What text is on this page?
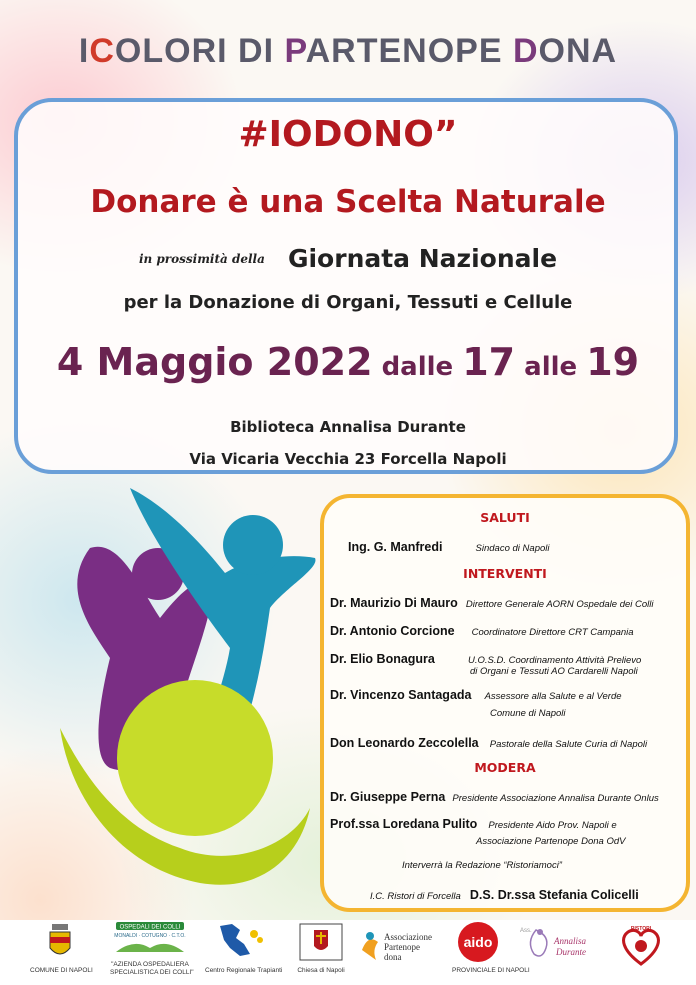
ICOLORI DI PARTENOPE DONA
#IODONO”
Donare è una Scelta Naturale
in prossimità della Giornata Nazionale
per la Donazione di Organi, Tessuti e Cellule
4 Maggio 2022 dalle 17 alle 19
Biblioteca Annalisa Durante
Via Vicaria Vecchia 23 Forcella Napoli
SALUTI
Ing. G. Manfredi	Sindaco di Napoli
INTERVENTI
Dr. Maurizio Di Mauro Direttore Generale AORN Ospedale dei Colli
Dr. Antonio Corcione Coordinatore Direttore CRT Campania
Dr. Elio Bonagura	U.O.S.D. Coordinamento Attività Prelievo
di Organi e Tessuti AO Cardarelli Napoli
Dr. Vincenzo Santagada Assessore alla Salute e al Verde
Comune di Napoli
Don Leonardo Zeccolella Pastorale della Salute Curia di Napoli
MODERA
Dr. Giuseppe Perna Presidente Associazione Annalisa Durante Onlus
Prof.ssa Loredana Pulito Presidente Aido Prov. Napoli e
Associazione Partenope Dona OdV
Interverrà la Redazione “Ristoriamoci”
I.C. Ristori di Forcella D.S. Dr.ssa Stefania Colicelli
COMUNE DI NAPOLI
OSPEDALI DEI COLLI
MONALDI · COTUGNO · C.T.O.
"AZIENDA OSPEDALIERA
SPECIALISTICA DEI COLLI" Centro Regionale Trapianti	Chiesa di Napoli
Associazione
Partenope
dona
aido
PROVINCIALE DI NAPOLI
Ass.
Annalisa
Durante
RISTORI
